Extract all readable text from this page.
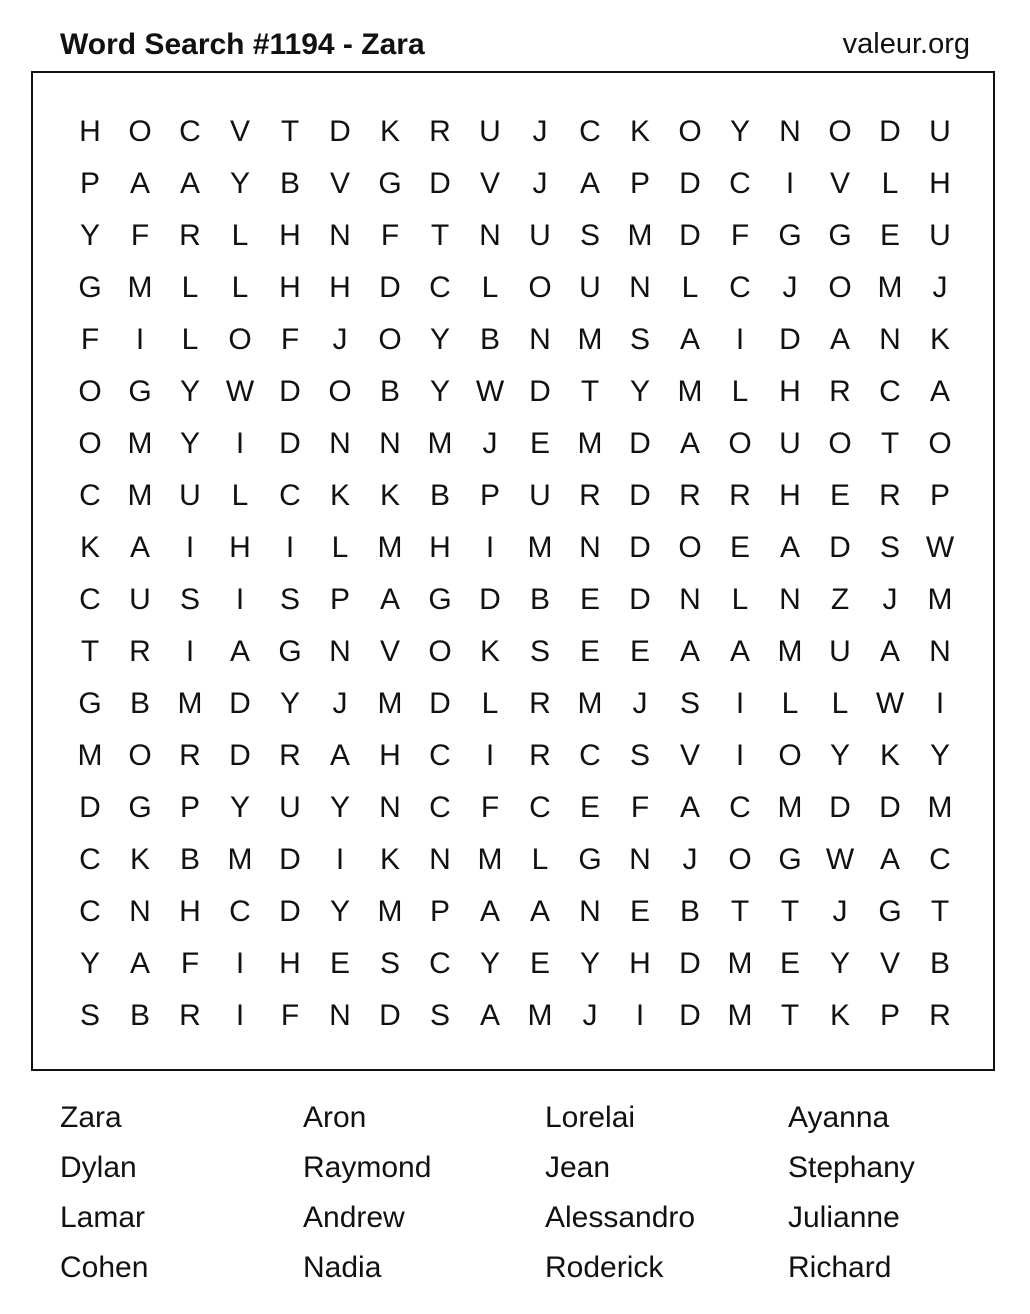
Word Search #1194 - Zara	valeur.org
H O C V	T	D K R U	J	C K O Y N O D U
P A A Y B V G D V	J	A P D C	I	V	L	H
Y	F	R	L	H N	F	T	N U S M D	F G G E U
G M L	L	H H D C	L O U N	L	C	J	O M	J
F	I	L O F	J	O Y B N M S A	I	D A N K
O G Y W D O B Y W D	T	Y M L	H R C A
O M Y	I	D N N M	J	E M D A O U O T O
C M U	L	C K K B P U R D R R H E R P
K A	I	H	I	L M H	I	M N D O E A D S W
C U S	I	S P A G D B E D N	L	N	Z	J	M
T	R	I	A G N V O K S E E A A M U A N
G B M D Y	J	M D	L	R M	J	S	I	L	L W	I
M O R D R A H C	I	R C S V	I	O Y K Y
D G P Y U Y N C	F	C E	F	A C M D D M
C K B M D	I	K N M L G N	J	O G W A C
C N H C D Y M P A A N E B	T	T	J	G T
Y A	F	I	H E S C Y E Y H D M E Y V B
S B R	I	F	N D S A M	J	I	D M T	K P R
Zara	Aron	Lorelai	Ayanna
Dylan	Raymond	Jean	Stephany
Lamar	Andrew	Alessandro	Julianne
Cohen	Nadia	Roderick	Richard
